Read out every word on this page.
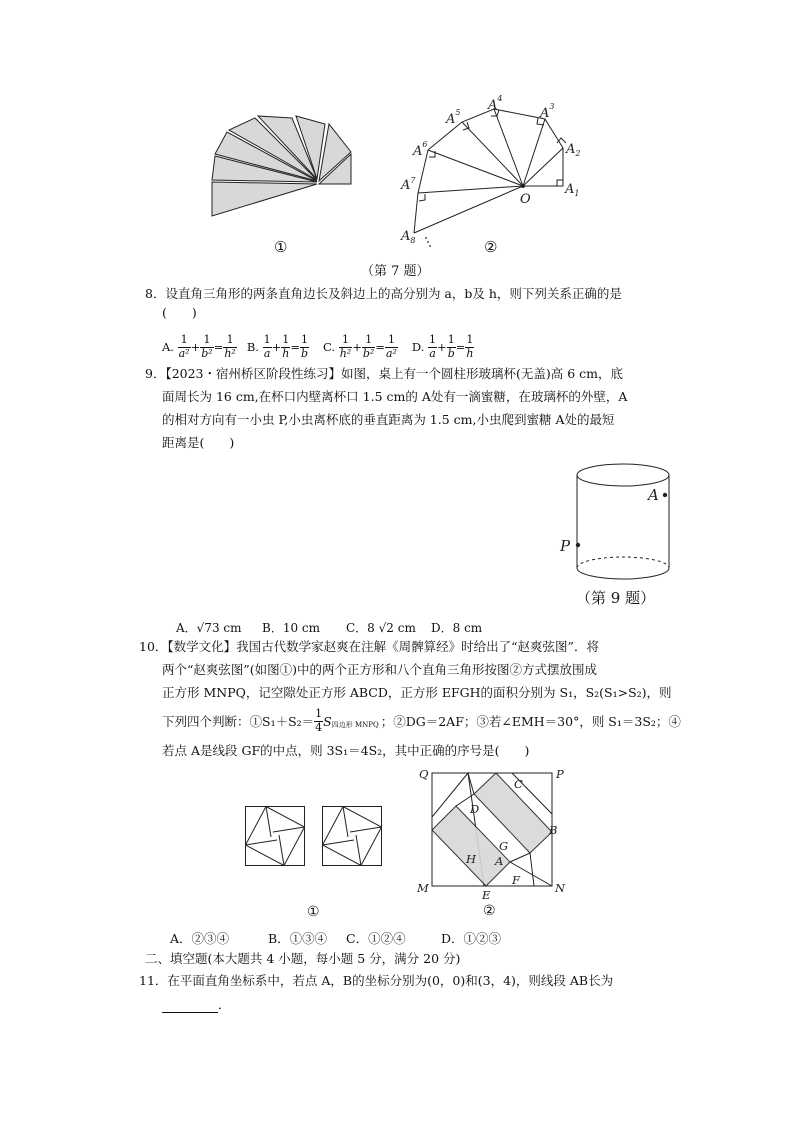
①
$A_1$
$A_2$
$A^3$
$A^4$
$A^5$
$A^6$
$A^7$
$A_8$
O
②
（第 7 题）
8．设直角三角形的两条直角边长及斜边上的高分别为 a，b及 h，则下列关系正确的是
(　　)
A.
$\frac{1}{\text{a²}} + \frac{1}{\text{b²}} = \frac{1}{\text{h²}} B$.
$\frac{1}{a} + \frac{1}{h} = \frac{1}{b} C$.
$\frac{1}{\text{h²}} + \frac{1}{\text{b²}} = \frac{1}{\text{a²}} D$.
$\frac{1}{a} + \frac{1}{b} = \frac{1}{h}$
9．【2023・宿州桥区阶段性练习】如图，桌上有一个圆柱形玻璃杯(无盖)高 6 cm，底
面周长为 16 cm,在杯口内壁离杯口 1.5 cm的 A处有一滴蜜糖，在玻璃杯的外壁，A
的相对方向有一小虫 P,小虫离杯底的垂直距离为 1.5 cm,小虫爬到蜜糖 A处的最短
距离是(　　)
A
P
（第 9 题）
A．√73 cm B．10 cm C．8 √2 cm D．8 cm
10．【数学文化】我国古代数学家赵爽在注解《周髀算经》时给出了“赵爽弦图”．将
两个“赵爽弦图”(如图①)中的两个正方形和八个直角三角形按图②方式摆放围成
正方形 MNPQ，记空隙处正方形 ABCD，正方形 EFGH的面积分别为 S₁，S₂(S₁>S₂)，则
下列四个判断：①S₁＋S₂＝ $\frac{1}{4}$ S 四边形 MNPQ ；②DG＝2AF；③若∠EMH＝30°，则 S₁＝3S₂；④
若点 A是线段 GF的中点，则 3S₁＝4S₂，其中正确的序号是(　　)
①
Q	P
C
D
B
G
H A
F
M	E	N
②
A．②③④	B．①③④ C．①②④	D．①②③
二、填空题(本大题共 4 小题，每小题 5 分，满分 20 分)
11．在平面直角坐标系中，若点 A，B的坐标分别为(0，0)和(3，4)，则线段 AB长为
．
